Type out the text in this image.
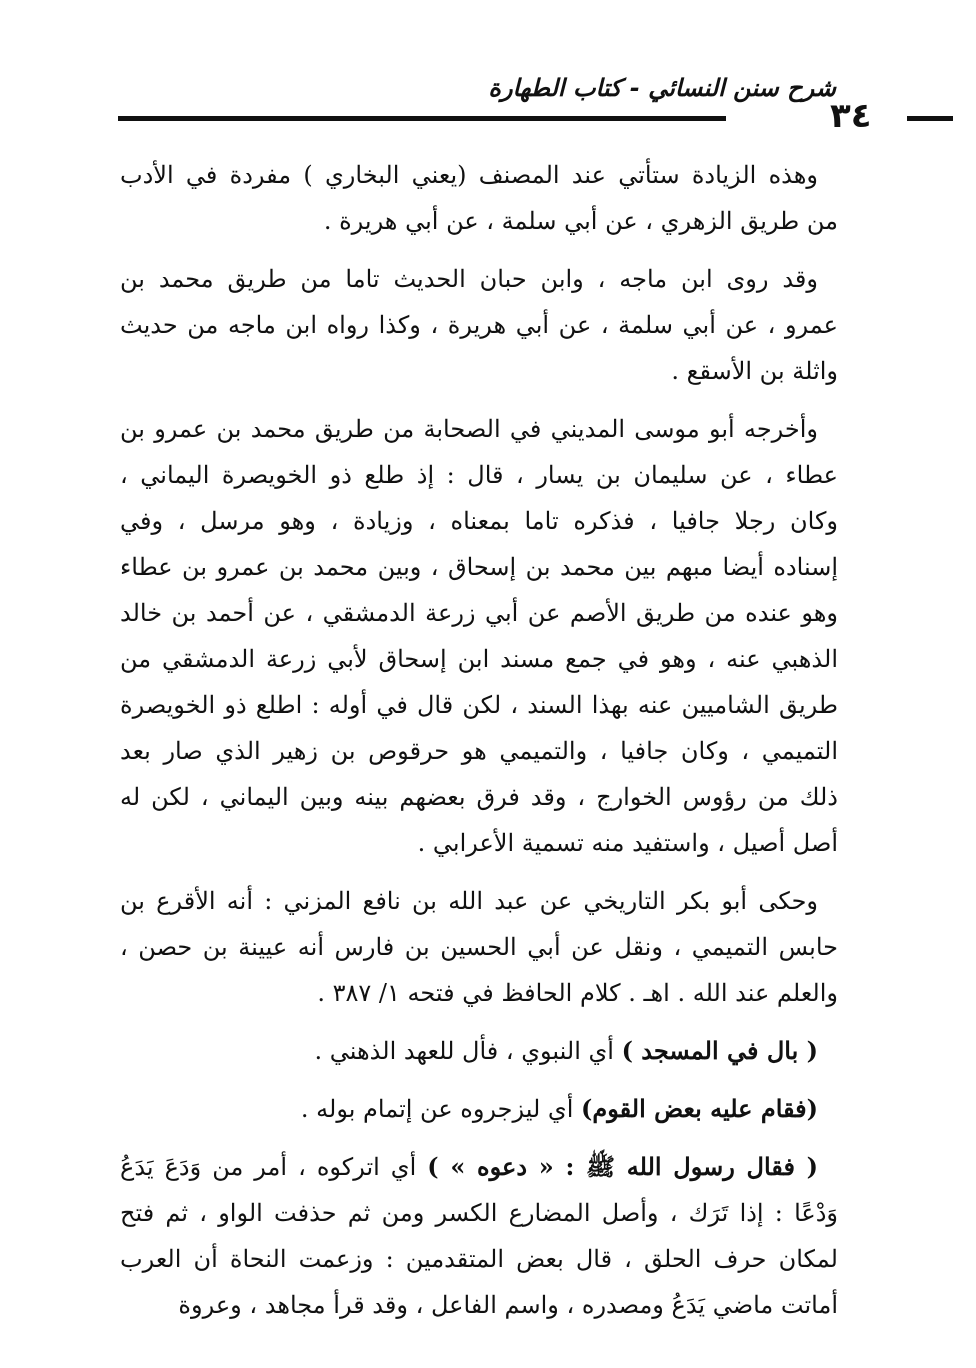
شرح سنن النسائي - كتاب الطهارة
٣٤

وهذه الزيادة ستأتي عند المصنف (يعني البخاري ) مفردة في الأدب
من طريق الزهري ، عن أبي سلمة ، عن أبي هريرة .

وقد روى ابن ماجه ، وابن حبان الحديث تاما من طريق محمد بن
عمرو ، عن أبي سلمة ، عن أبي هريرة ، وكذا رواه ابن ماجه من حديث
واثلة بن الأسقع .

وأخرجه أبو موسى المديني في الصحابة من طريق محمد بن عمرو بن
عطاء ، عن سليمان بن يسار ، قال : إذ طلع ذو الخويصرة اليماني ،
وكان رجلا جافيا ، فذكره تاما بمعناه ، وزيادة ، وهو مرسل ، وفي
إسناده أيضا مبهم بين محمد بن إسحاق ، وبين محمد بن عمرو بن عطاء
وهو عنده من طريق الأصم عن أبي زرعة الدمشقي ، عن أحمد بن خالد
الذهبي عنه ، وهو في جمع مسند ابن إسحاق لأبي زرعة الدمشقي من
طريق الشاميين عنه بهذا السند ، لكن قال في أوله : اطلع ذو الخويصرة
التميمي ، وكان جافيا ، والتميمي هو حرقوص بن زهير الذي صار بعد
ذلك من رؤوس الخوارج ، وقد فرق بعضهم بينه وبين اليماني ، لكن له
أصل أصيل ، واستفيد منه تسمية الأعرابي .

وحكى أبو بكر التاريخي عن عبد الله بن نافع المزني : أنه الأقرع بن
حابس التميمي ، ونقل عن أبي الحسين بن فارس أنه عيينة بن حصن ،
والعلم عند الله . اهـ . كلام الحافظ في فتحه ١/ ٣٨٧ .

( بال في المسجد ) أي النبوي ، فأل للعهد الذهني .

(فقام عليه بعض القوم) أي ليزجروه عن إتمام بوله .

( فقال رسول الله ﷺ : « دعوه » ) أي اتركوه ، أمر من وَدَعَ يَدَعُ
وَدْعًا : إذا تَرَك ، وأصل المضارع الكسر ومن ثم حذفت الواو ، ثم فتح
لمكان حرف الحلق ، قال بعض المتقدمين : وزعمت النحاة أن العرب
أماتت ماضي يَدَعُ ومصدره ، واسم الفاعل ، وقد قرأ مجاهد ، وعروة
